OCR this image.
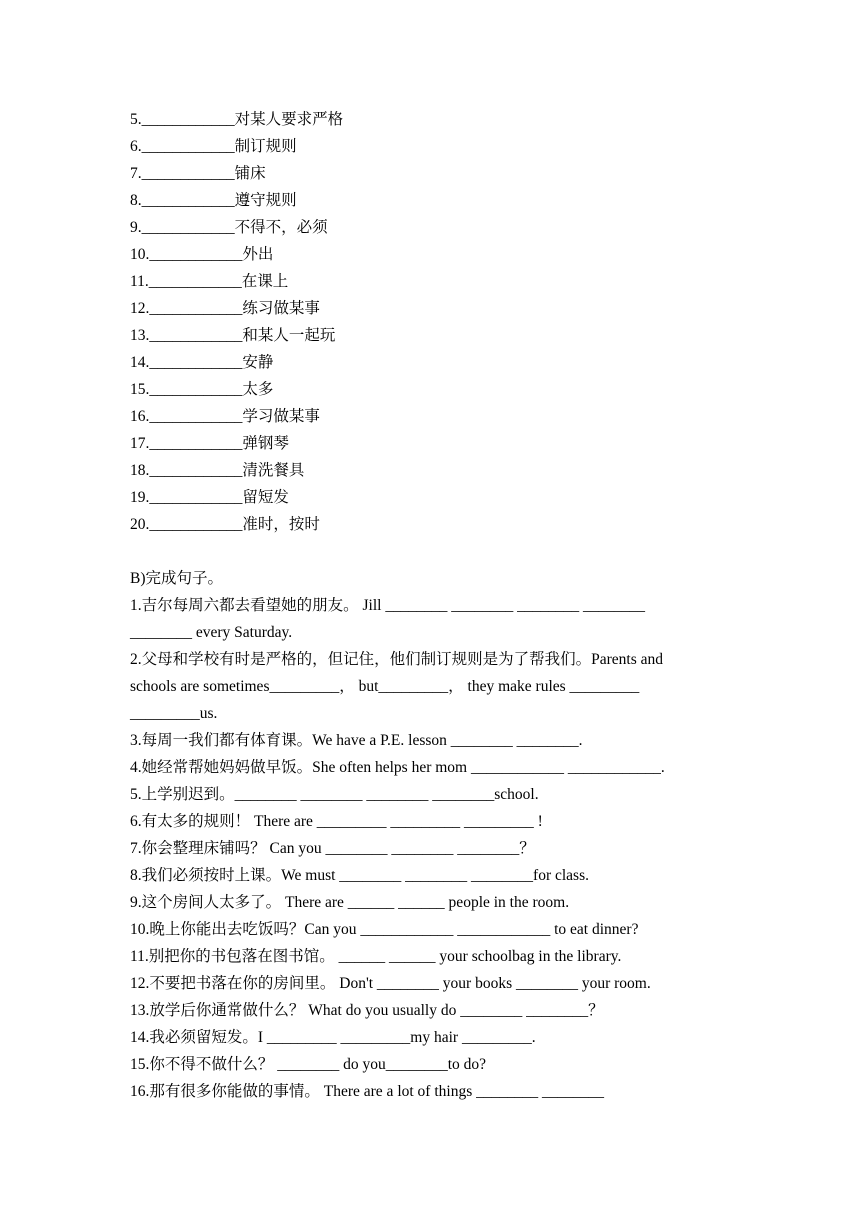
5.____________对某人要求严格
6.____________制订规则
7.____________铺床
8.____________遵守规则
9.____________不得不，必须
10.____________外出
11.____________在课上
12.____________练习做某事
13.____________和某人一起玩
14.____________安静
15.____________太多
16.____________学习做某事
17.____________弹钢琴
18.____________清洗餐具
19.____________留短发
20.____________准时，按时
B)完成句子。
1.吉尔每周六都去看望她的朋友。 Jill ________ ________ ________ ________
________ every Saturday.
2.父母和学校有时是严格的，但记住，他们制订规则是为了帮我们。Parents and
schools are sometimes_________， but_________， they make rules _________
_________us.
3.每周一我们都有体育课。We have a P.E. lesson ________ ________.
4.她经常帮她妈妈做早饭。She often helps her mom ____________ ____________.
5.上学别迟到。________ ________ ________ ________school.
6.有太多的规则！ There are _________ _________ _________ !
7.你会整理床铺吗？ Can you ________ ________ ________？
8.我们必须按时上课。We must ________ ________ ________for class.
9.这个房间人太多了。 There are ______ ______ people in the room.
10.晚上你能出去吃饭吗？Can you ____________ ____________ to eat dinner?
11.别把你的书包落在图书馆。 ______ ______ your schoolbag in the library.
12.不要把书落在你的房间里。 Don't ________ your books ________ your room.
13.放学后你通常做什么？ What do you usually do ________ ________？
14.我必须留短发。I _________ _________my hair _________.
15.你不得不做什么？ ________ do you________to do?
16.那有很多你能做的事情。 There are a lot of things ________ ________
